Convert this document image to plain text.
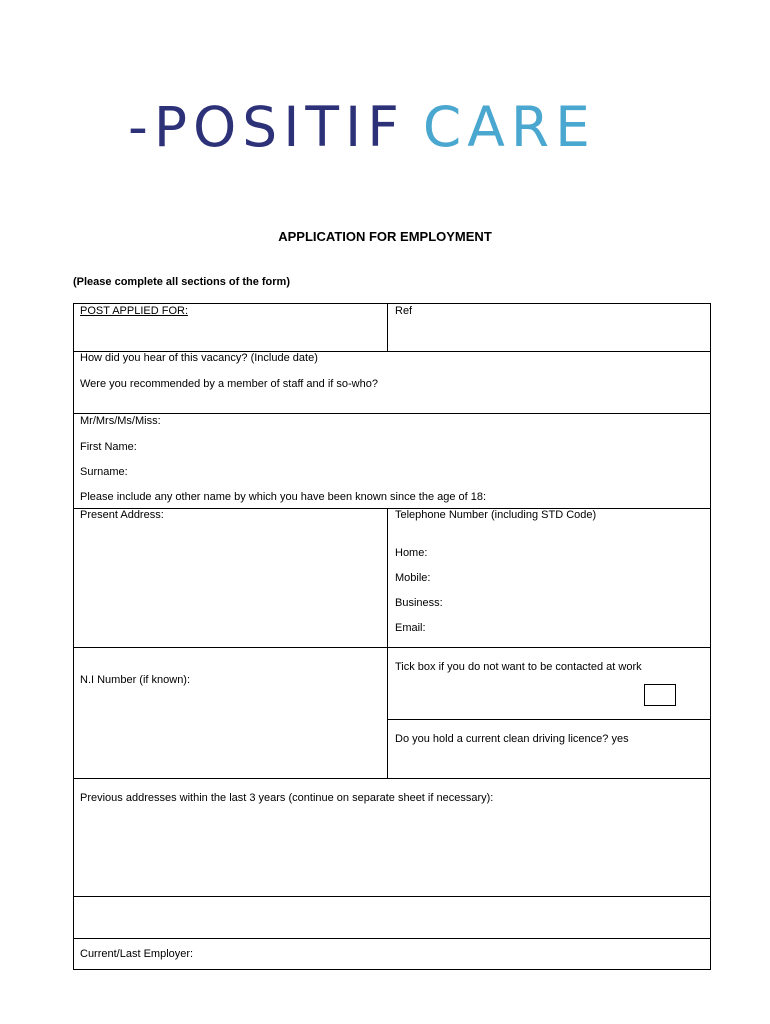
-POSITIF CARE
APPLICATION FOR EMPLOYMENT
(Please complete all sections of the form)
POST APPLIED FOR:	Ref
How did you hear of this vacancy? (Include date)
Were you recommended by a member of staff and if so-who?
Mr/Mrs/Ms/Miss:
First Name:
Surname:
Please include any other name by which you have been known since the age of 18:
Present Address:	Telephone Number (including STD Code)
Home:
Mobile:
Business:
Email:
N.I Number (if known):
Tick box if you do not want to be contacted at work
Do you hold a current clean driving licence? yes
Previous addresses within the last 3 years (continue on separate sheet if necessary):
Current/Last Employer:
